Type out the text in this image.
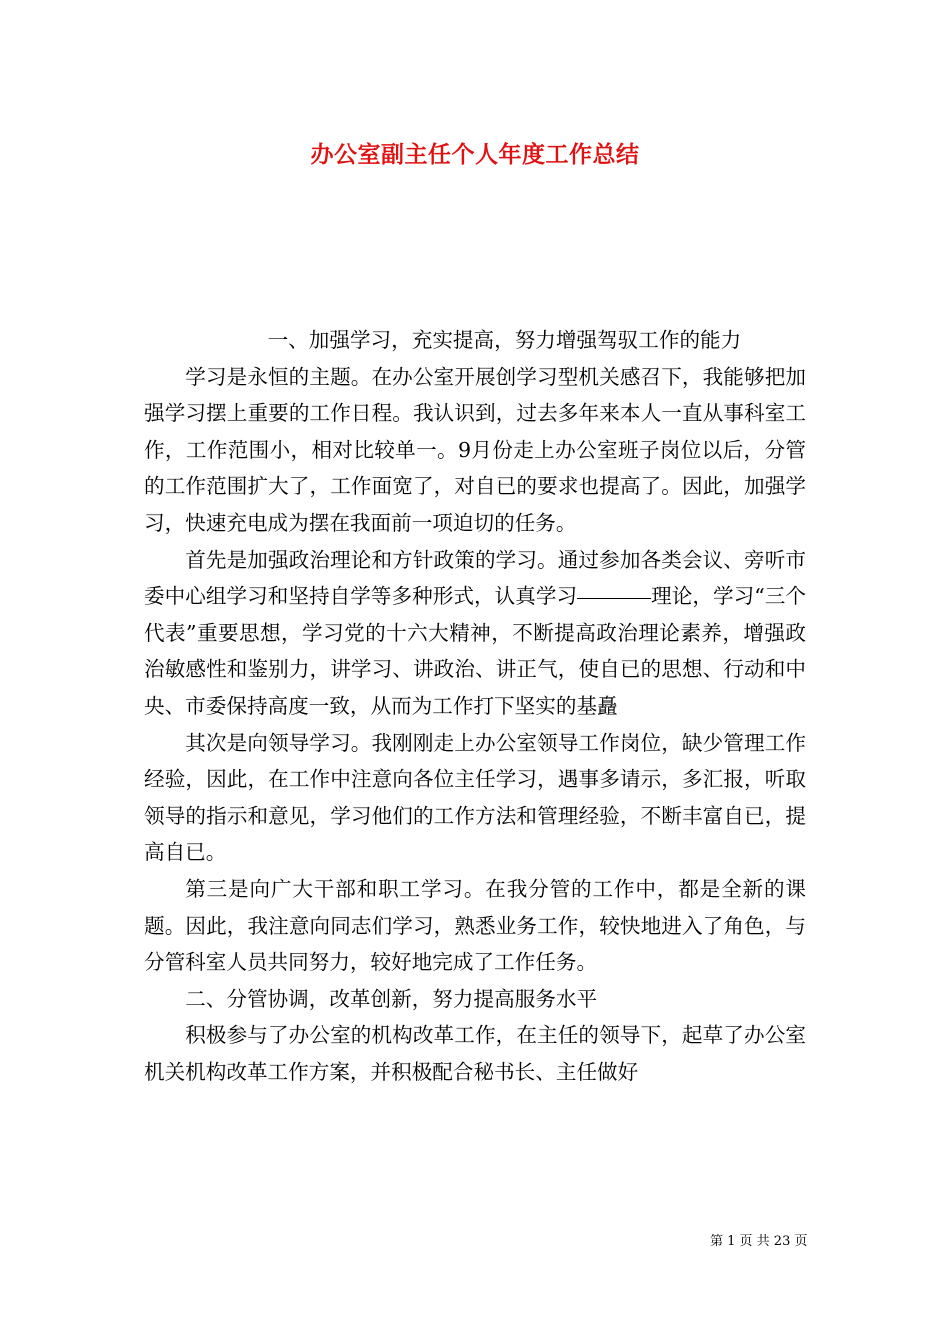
办公室副主任个人年度工作总结

一、加强学习，充实提高，努力增强驾驭工作的能力

学习是永恒的主题。在办公室开展创学习型机关感召下，我能够把加强学习摆上重要的工作日程。我认识到，过去多年来本人一直从事科室工作，工作范围小，相对比较单一。9月份走上办公室班子岗位以后，分管的工作范围扩大了，工作面宽了，对自已的要求也提高了。因此，加强学习，快速充电成为摆在我面前一项迫切的任务。

首先是加强政治理论和方针政策的学习。通过参加各类会议、旁听市委中心组学习和坚持自学等多种形式，认真学习	理论，学习“三个代表”重要思想，学习党的十六大精神，不断提高政治理论素养，增强政治敏感性和鉴别力，讲学习、讲政治、讲正气，使自已的思想、行动和中央、市委保持高度一致，从而为工作打下坚实的基矗

其次是向领导学习。我刚刚走上办公室领导工作岗位，缺少管理工作经验，因此，在工作中注意向各位主任学习，遇事多请示，多汇报，听取领导的指示和意见，学习他们的工作方法和管理经验，不断丰富自已，提高自已。

第三是向广大干部和职工学习。在我分管的工作中，都是全新的课题。因此，我注意向同志们学习，熟悉业务工作，较快地进入了角色，与分管科室人员共同努力，较好地完成了工作任务。

二、分管协调，改革创新，努力提高服务水平

积极参与了办公室的机构改革工作，在主任的领导下，起草了办公室机关机构改革工作方案，并积极配合秘书长、主任做好

第 1 页 共 23 页
